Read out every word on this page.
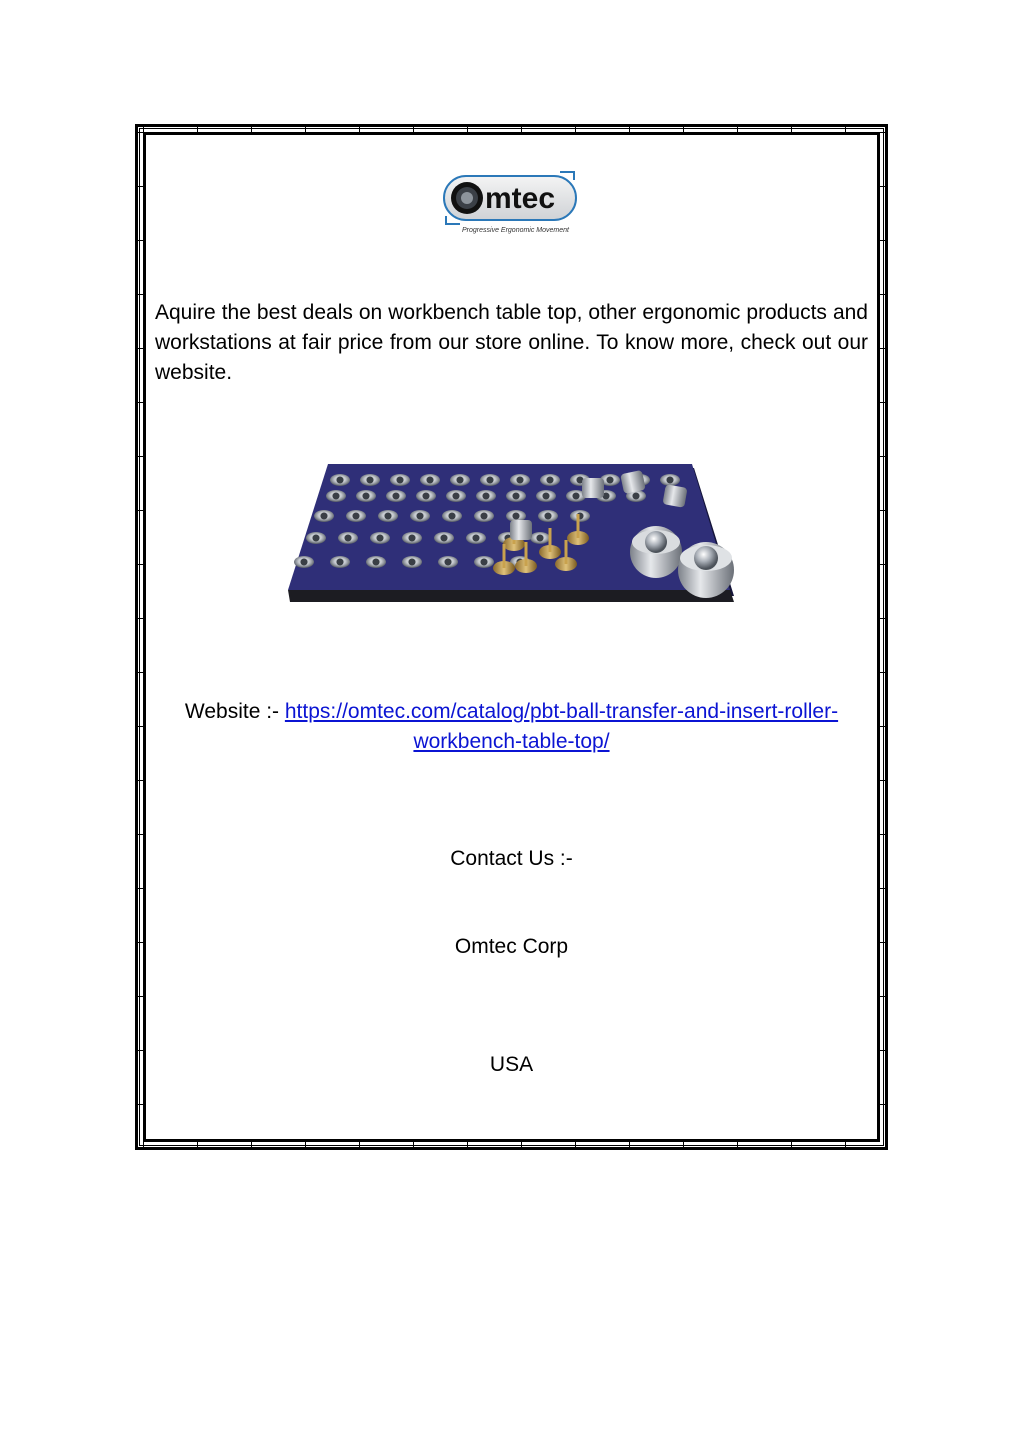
mtec
Progressive Ergonomic Movement
Aquire the best deals on workbench table top, other ergonomic products and workstations at fair price from our store online. To know more, check out our website.
Website :- https://omtec.com/catalog/pbt-ball-transfer-and-insert-roller-workbench-table-top/
Contact Us :-
Omtec Corp
USA
